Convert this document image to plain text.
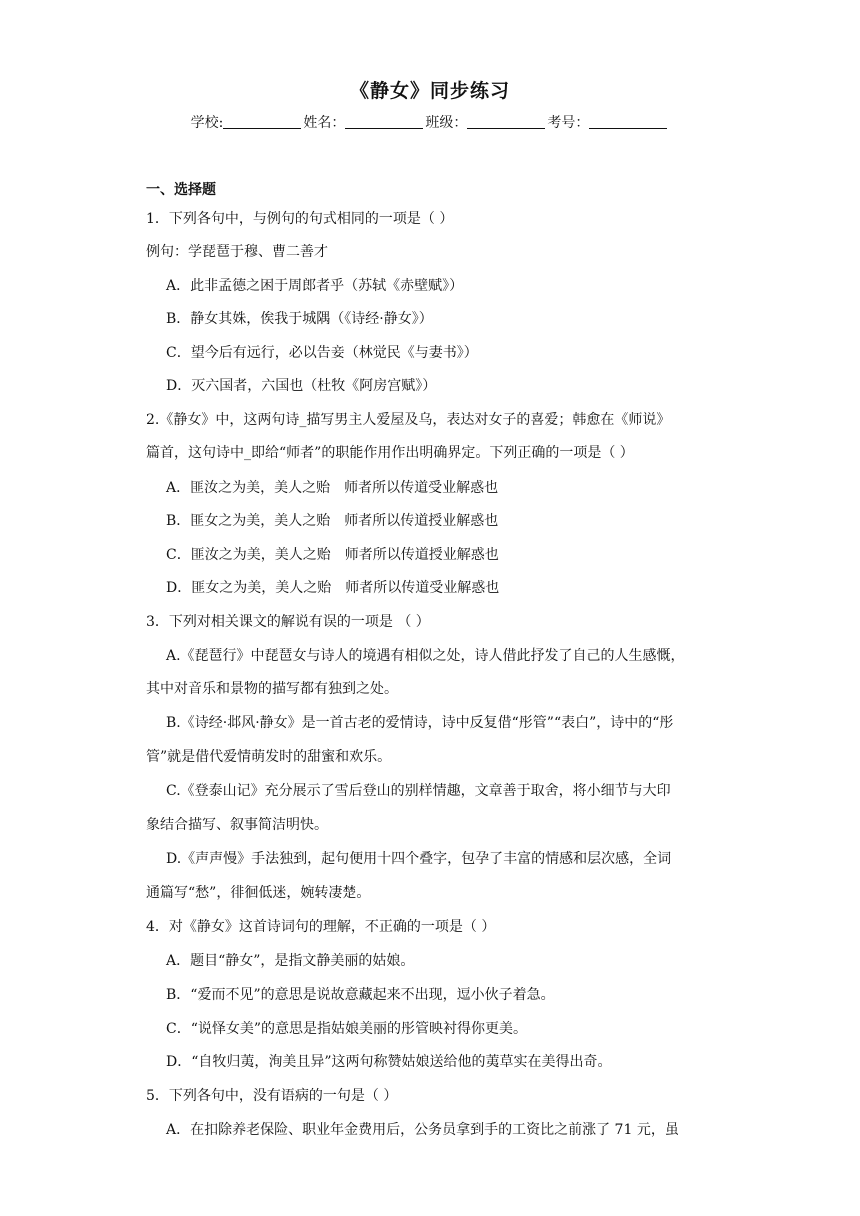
《静女》同步练习
学校:	姓名：	班级：	考号：
一、选择题
1．下列各句中，与例句的句式相同的一项是（ ）
例句：学琵琶于穆、曹二善才
A．此非孟德之困于周郎者乎（苏轼《赤壁赋》）
B．静女其姝，俟我于城隅（《诗经·静女》）
C．望今后有远行，必以告妾（林觉民《与妻书》）
D．灭六国者，六国也（杜牧《阿房宫赋》）
2.《静女》中，这两句诗_描写男主人爱屋及乌，表达对女子的喜爱；韩愈在《师说》
篇首，这句诗中_即给“师者”的职能作用作出明确界定。下列正确的一项是（ ）
A．匪汝之为美，美人之贻　师者所以传道受业解惑也
B．匪女之为美，美人之贻　师者所以传道授业解惑也
C．匪汝之为美，美人之贻　师者所以传道授业解惑也
D．匪女之为美，美人之贻　师者所以传道受业解惑也
3．下列对相关课文的解说有误的一项是 （ ）
A.《琵琶行》中琵琶女与诗人的境遇有相似之处，诗人借此抒发了自己的人生感慨，
其中对音乐和景物的描写都有独到之处。
B.《诗经·邶风·静女》是一首古老的爱情诗，诗中反复借“彤管”“表白”，诗中的“彤
管”就是借代爱情萌发时的甜蜜和欢乐。
C.《登泰山记》充分展示了雪后登山的别样情趣，文章善于取舍，将小细节与大印
象结合描写、叙事简洁明快。
D.《声声慢》手法独到，起句便用十四个叠字，包孕了丰富的情感和层次感，全词
通篇写“愁”，徘徊低迷，婉转凄楚。
4．对《静女》这首诗词句的理解，不正确的一项是（ ）
A．题目“静女”，是指文静美丽的姑娘。
B．“爱而不见”的意思是说故意藏起来不出现，逗小伙子着急。
C．“说怿女美”的意思是指姑娘美丽的彤管映衬得你更美。
D．“自牧归荑，洵美且异”这两句称赞姑娘送给他的荑草实在美得出奇。
5．下列各句中，没有语病的一句是（ ）
A．在扣除养老保险、职业年金费用后，公务员拿到手的工资比之前涨了 71 元，虽
